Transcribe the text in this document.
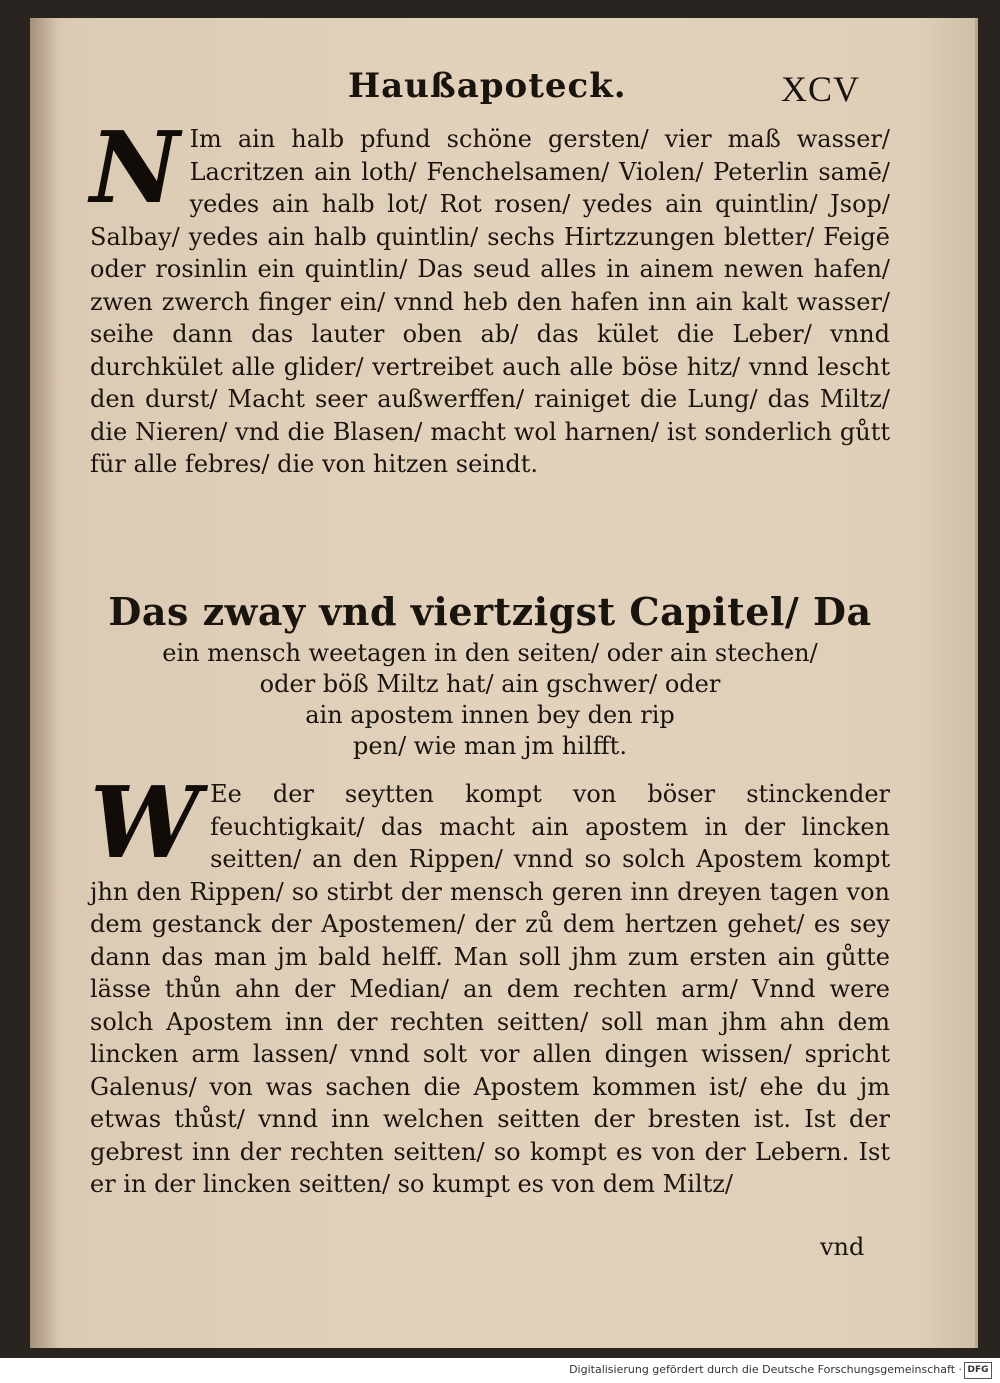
Haußapoteck.	XCV
N Im ain halb pfund schöne gersten/ vier maß wasser/ Lacritzen ain loth/ Fenchelsamen/ Violen/ Peterlin samē/ yedes ain halb lot/ Rot rosen/ yedes ain quintlin/ Jsop/ Salbay/ yedes ain halb quintlin/ sechs Hirtzzungen bletter/ Feigē oder rosinlin ein quintlin/ Das seud alles in ainem newen hafen/ zwen zwerch finger ein/ vnnd heb den hafen inn ain kalt wasser/ seihe dann das lauter oben ab/ das kület die Leber/ vnnd durchkület alle glider/ vertreibet auch alle böse hitz/ vnnd lescht den durst/ Macht seer außwerffen/ rainiget die Lung/ das Miltz/ die Nieren/ vnd die Blasen/ macht wol harnen/ ist sonderlich gůtt für alle febres/ die von hitzen seindt.
Das zway vnd viertzigst Capitel/ Da
ein mensch weetagen in den seiten/ oder ain stechen/
oder böß Miltz hat/ ain gschwer/ oder
ain apostem innen bey den rip
pen/ wie man jm hilfft.
W Ee der seytten kompt von böser stinckender feuchtigkait/ das macht ain apostem in der lincken seitten/ an den Rippen/ vnnd so solch Apostem kompt jhn den Rippen/ so stirbt der mensch geren inn dreyen tagen von dem gestanck der Apostemen/ der zů dem hertzen gehet/ es sey dann das man jm bald helff. Man soll jhm zum ersten ain gůtte lässe thůn ahn der Median/ an dem rechten arm/ Vnnd were solch Apostem inn der rechten seitten/ soll man jhm ahn dem lincken arm lassen/ vnnd solt vor allen dingen wissen/ spricht Galenus/ von was sachen die Apostem kommen ist/ ehe du jm etwas thůst/ vnnd inn welchen seitten der bresten ist. Ist der gebrest inn der rechten seitten/ so kompt es von der Lebern. Ist er in der lincken seitten/ so kumpt es von dem Miltz/
vnd
Digitalisierung gefördert durch die Deutsche Forschungsgemeinschaft · DFG
